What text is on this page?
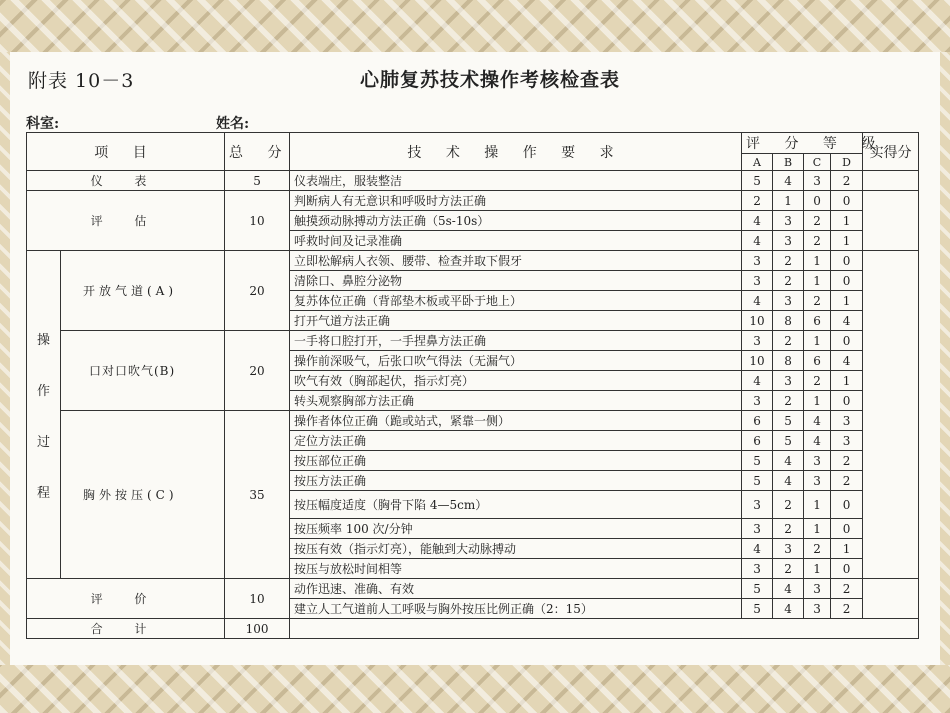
附表 10－3	心肺复苏技术操作考核检查表
科室:	姓名:
项 目		总 分	技 术 操 作 要 求	评 分 等 级				实得分
				A	B	C	D	
仪 表		5	仪表端庄，服装整洁	5	4	3	2	
评 估		10	判断病人有无意识和呼吸时方法正确	2	1	0	0	
			触摸颈动脉搏动方法正确（5s-10s）	4	3	2	1	
			呼救时间及记录准确	4	3	2	1	

操
作
过
程	开放气道(A)	20	立即松解病人衣领、腰带、检查并取下假牙	3	2	1	0	
			清除口、鼻腔分泌物	3	2	1	0	
			复苏体位正确（背部垫木板或平卧于地上）	4	3	2	1	
			打开气道方法正确	10	8	6	4	
	口对口吹气(B)	20	一手将口腔打开，一手捏鼻方法正确	3	2	1	0	
			操作前深吸气，后张口吹气得法（无漏气）	10	8	6	4	
			吹气有效（胸部起伏，指示灯亮）	4	3	2	1	
			转头观察胸部方法正确	3	2	1	0	
	胸外按压(C)	35	操作者体位正确（跪或站式，紧靠一侧）	6	5	4	3	
			定位方法正确	6	5	4	3	
			按压部位正确	5	4	3	2	
			按压方法正确	5	4	3	2	
			按压幅度适度（胸骨下陷 4—5cm）	3	2	1	0	
			按压频率 100 次/分钟	3	2	1	0	
			按压有效（指示灯亮），能触到大动脉搏动	4	3	2	1	
			按压与放松时间相等	3	2	1	0	
评 价		10	动作迅速、准确、有效	5	4	3	2	
			建立人工气道前人工呼吸与胸外按压比例正确（2：15）	5	4	3	2	
合 计		100						
